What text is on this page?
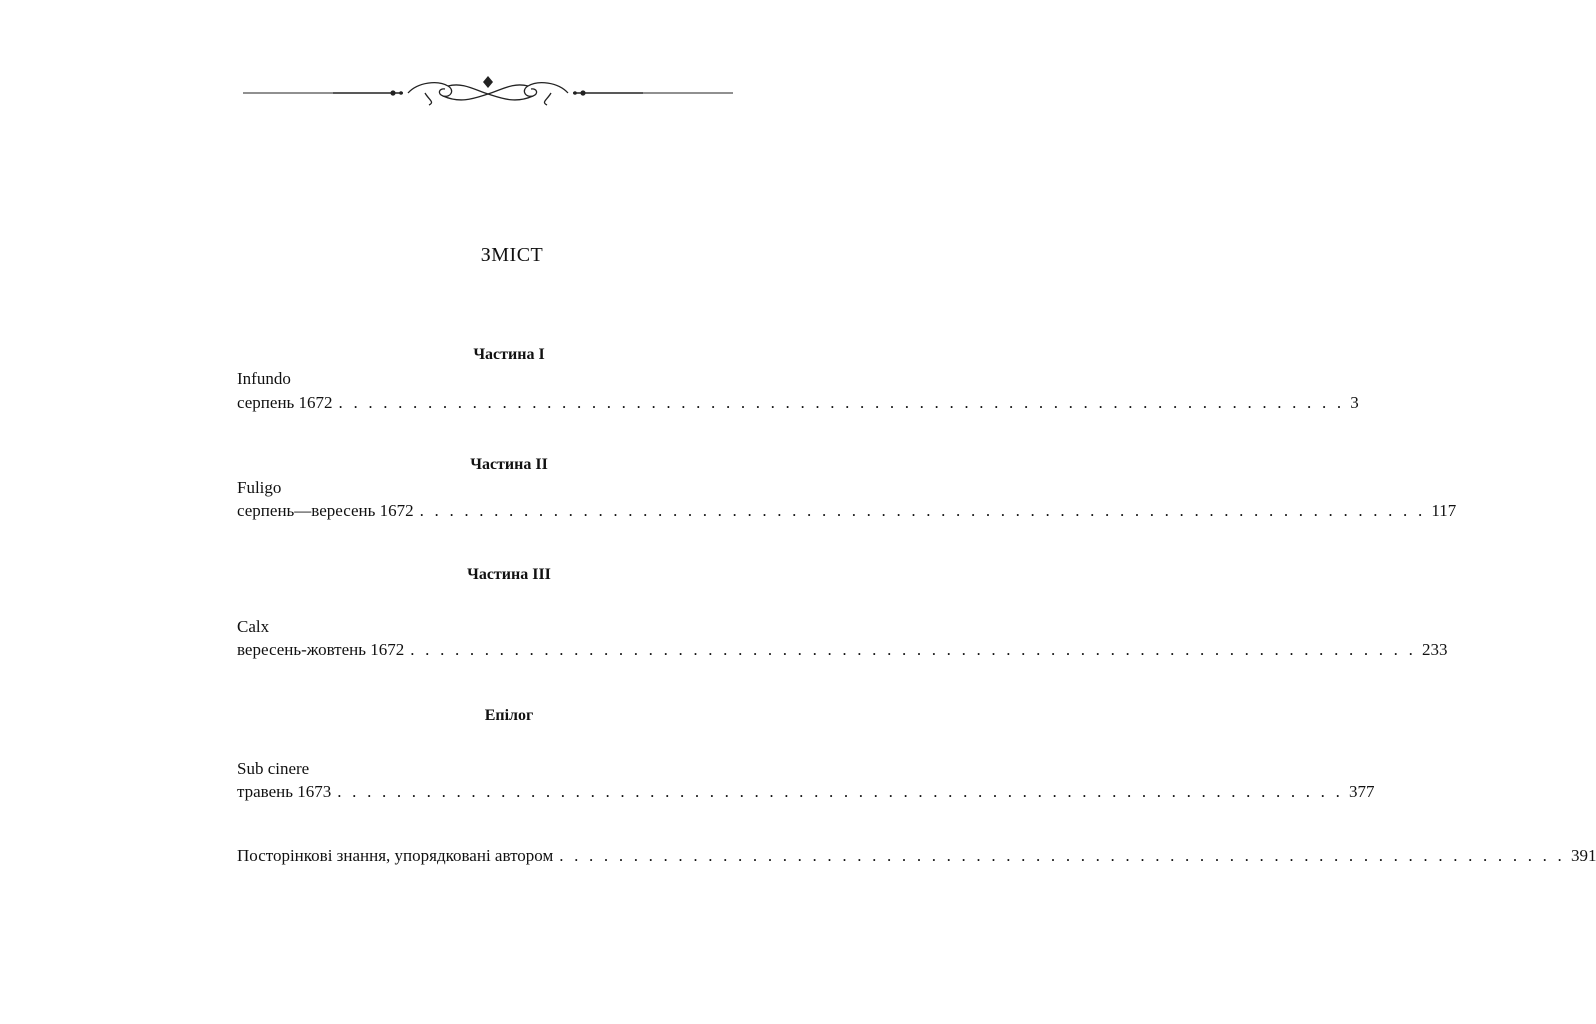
ЗМІСТ
Частина I
Infundo
серпень 1672 . . . . . . . . . . . . . . . . . . . . . . . . . . . . . . . . . . . . . . . . . . . . . . . . . . . . . . . . . . . . . . . . . . . . 3
Частина II
Fuligo
серпень—вересень 1672 . . . . . . . . . . . . . . . . . . . . . . . . . . . . . . . . . . . . . . . . . . . . . . . . . . . . . . . . . . . . . . . . . . . . 117
Частина III
Calx
вересень-жовтень 1672 . . . . . . . . . . . . . . . . . . . . . . . . . . . . . . . . . . . . . . . . . . . . . . . . . . . . . . . . . . . . . . . . . . . . 233
Епілог
Sub cinere
травень 1673 . . . . . . . . . . . . . . . . . . . . . . . . . . . . . . . . . . . . . . . . . . . . . . . . . . . . . . . . . . . . . . . . . . . . 377
Посторінкові знання, упорядковані автором . . . . . . . . . . . . . . . . . . . . . . . . . . . . . . . . . . . . . . . . . . . . . . . . . . . . . . . . . . . . . . . . . . . . 391
